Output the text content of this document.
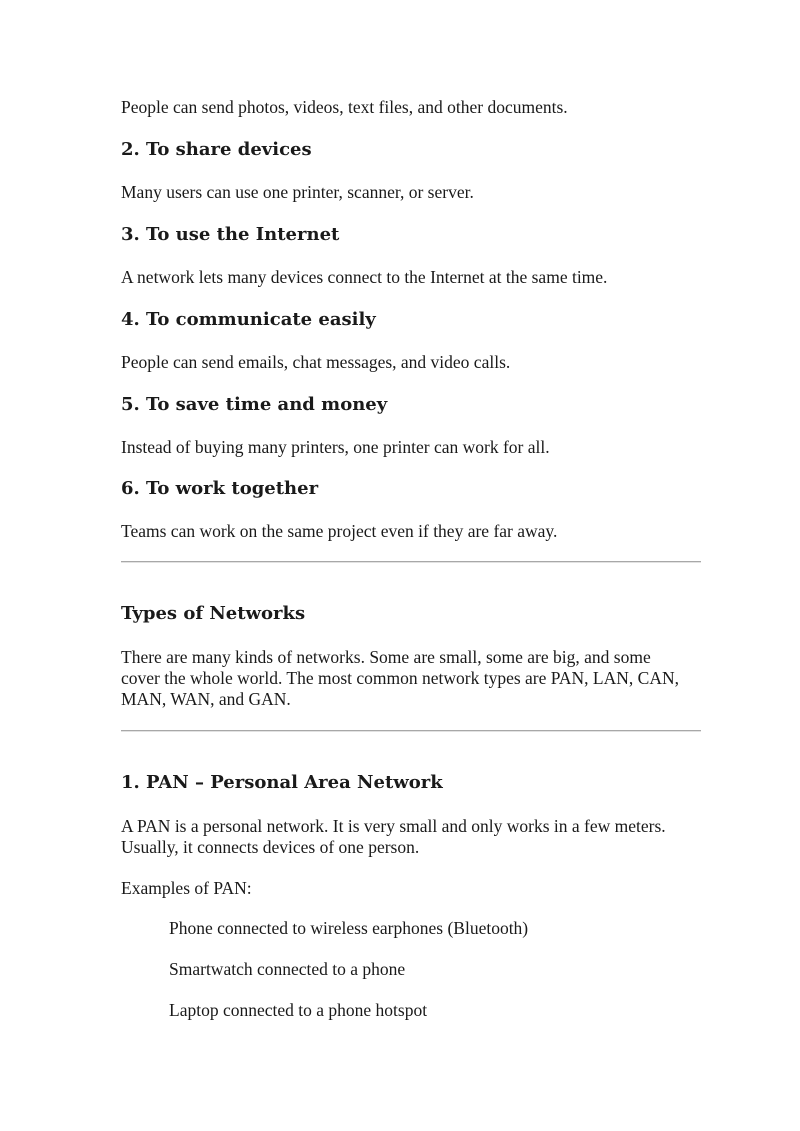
People can send photos, videos, text files, and other documents.

2. To share devices

Many users can use one printer, scanner, or server.

3. To use the Internet

A network lets many devices connect to the Internet at the same time.

4. To communicate easily

People can send emails, chat messages, and video calls.

5. To save time and money

Instead of buying many printers, one printer can work for all.

6. To work together

Teams can work on the same project even if they are far away.

Types of Networks

There are many kinds of networks. Some are small, some are big, and some cover the whole world. The most common network types are PAN, LAN, CAN, MAN, WAN, and GAN.

1. PAN – Personal Area Network

A PAN is a personal network. It is very small and only works in a few meters. Usually, it connects devices of one person.

Examples of PAN:

Phone connected to wireless earphones (Bluetooth)

Smartwatch connected to a phone

Laptop connected to a phone hotspot
